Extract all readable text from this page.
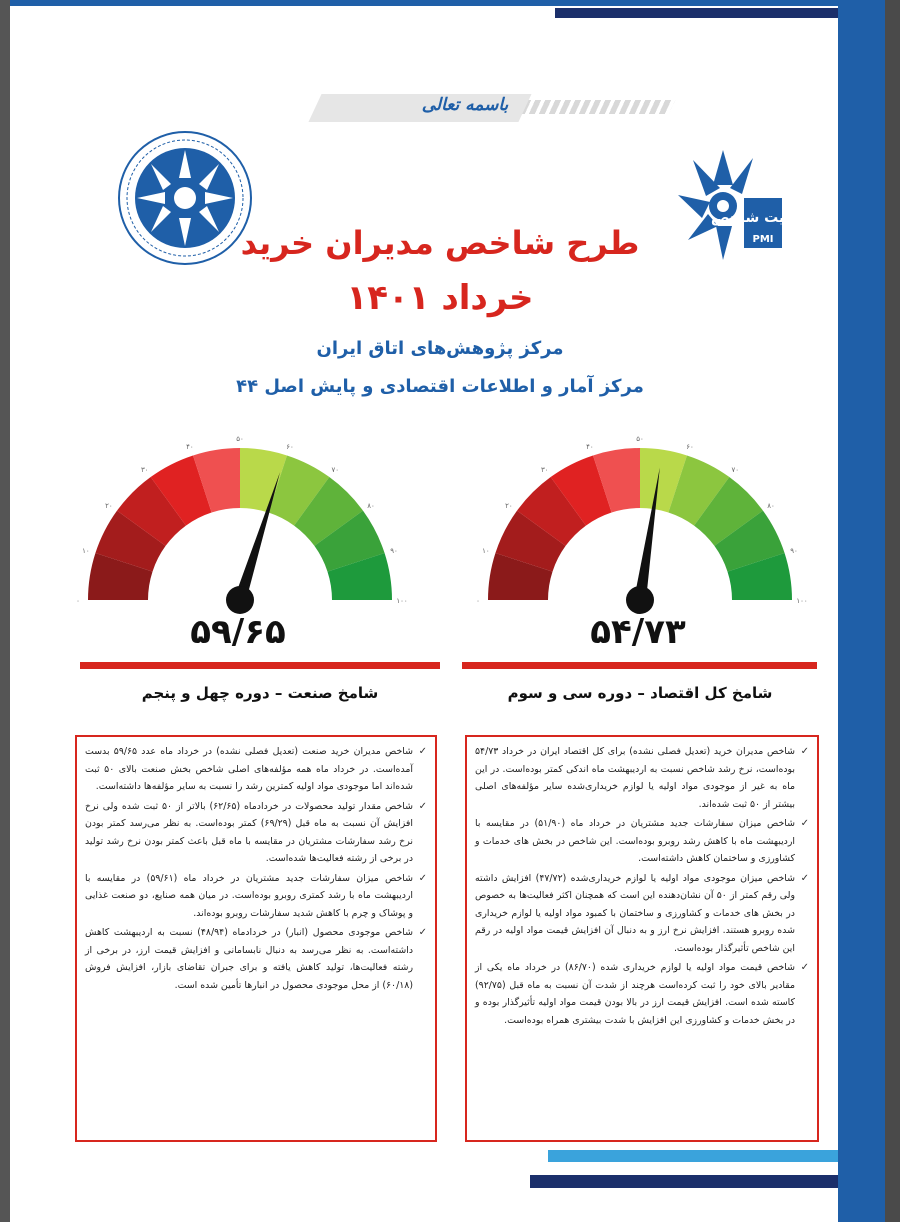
باسمه تعالی
مدیریت شاخص
PMI
طرح شاخص مدیران خرید
خرداد ۱۴۰۱
مرکز پژوهش‌های اتاق ایران
مرکز آمار و اطلاعات اقتصادی و پایش اصل ۴۴
۰
۱۰
۲۰
۳۰
۴۰
۵۰
۶۰
۷۰
۸۰
۹۰
۱۰۰	۰
۱۰
۲۰
۳۰
۴۰
۵۰
۶۰
۷۰
۸۰
۹۰
۱۰۰
۵۹/۶۵	۵۴/۷۳
شامخ صنعت – دوره چهل و پنجم	شامخ کل اقتصاد – دوره سی و سوم
✓
شاخص مدیران خرید صنعت (تعدیل فصلی نشده) در خرداد ماه عدد ۵۹/۶۵ بدست آمده‌است. در خرداد ماه همه مؤلفه‌های اصلی شاخص بخش صنعت بالای ۵۰ ثبت شده‌اند اما موجودی مواد اولیه کمترین رشد را نسبت به سایر مؤلفه‌ها داشته‌است.
✓
شاخص مقدار تولید محصولات در خردادماه (۶۲/۶۵) بالاتر از ۵۰ ثبت شده ولی نرخ افزایش آن نسبت به ماه قبل (۶۹/۲۹) کمتر بوده‌است. به نظر می‌رسد کمتر بودن نرخ رشد سفارشات مشتریان در مقایسه با ماه قبل باعث کمتر بودن نرخ رشد تولید در برخی از رشته فعالیت‌ها شده‌است.
✓
شاخص میزان سفارشات جدید مشتریان در خرداد ماه (۵۹/۶۱) در مقایسه با اردیبهشت ماه با رشد کمتری روبرو بوده‌است. در میان همه صنایع، دو صنعت غذایی و پوشاک و چرم با کاهش شدید سفارشات روبرو بوده‌اند.
✓
شاخص موجودی محصول (انبار) در خردادماه (۴۸/۹۴) نسبت به اردیبهشت کاهش داشته‌است. به نظر می‌رسد به دنبال نابسامانی و افزایش قیمت ارز، در برخی از رشته فعالیت‌ها، تولید کاهش یافته و برای جبران تقاضای بازار، افزایش فروش (۶۰/۱۸) از محل موجودی محصول در انبارها تأمین شده است.
✓
شاخص مدیران خرید (تعدیل فصلی نشده) برای کل اقتصاد ایران در خرداد ۵۴/۷۳ بوده‌است، نرخ رشد شاخص نسبت به اردیبهشت ماه اندکی کمتر بوده‌است. در این ماه به غیر از موجودی مواد اولیه یا لوازم خریداری‌شده سایر مؤلفه‌های اصلی بیشتر از ۵۰ ثبت شده‌اند.
✓
شاخص میزان سفارشات جدید مشتریان در خرداد ماه (۵۱/۹۰) در مقایسه با اردیبهشت ماه با کاهش رشد روبرو بوده‌است. این شاخص در بخش های خدمات و کشاورزی و ساختمان کاهش داشته‌است.
✓
شاخص میزان موجودی مواد اولیه یا لوازم خریداری‌شده (۴۷/۷۲) افزایش داشته ولی رقم کمتر از ۵۰ آن نشان‌دهنده این است که همچنان اکثر فعالیت‌ها به خصوص در بخش های خدمات و کشاورزی و ساختمان با کمبود مواد اولیه یا لوازم خریداری شده روبرو هستند. افزایش نرخ ارز و به دنبال آن افزایش قیمت مواد اولیه در رقم این شاخص تأثیرگذار بوده‌است.
✓
شاخص قیمت مواد اولیه یا لوازم خریداری شده (۸۶/۷۰) در خرداد ماه یکی از مقادیر بالای خود را ثبت کرده‌است هرچند از شدت آن نسبت به ماه قبل (۹۲/۷۵) کاسته شده است. افزایش قیمت ارز در بالا بودن قیمت مواد اولیه تأثیرگذار بوده و در بخش خدمات و کشاورزی این افزایش با شدت بیشتری همراه بوده‌است.
